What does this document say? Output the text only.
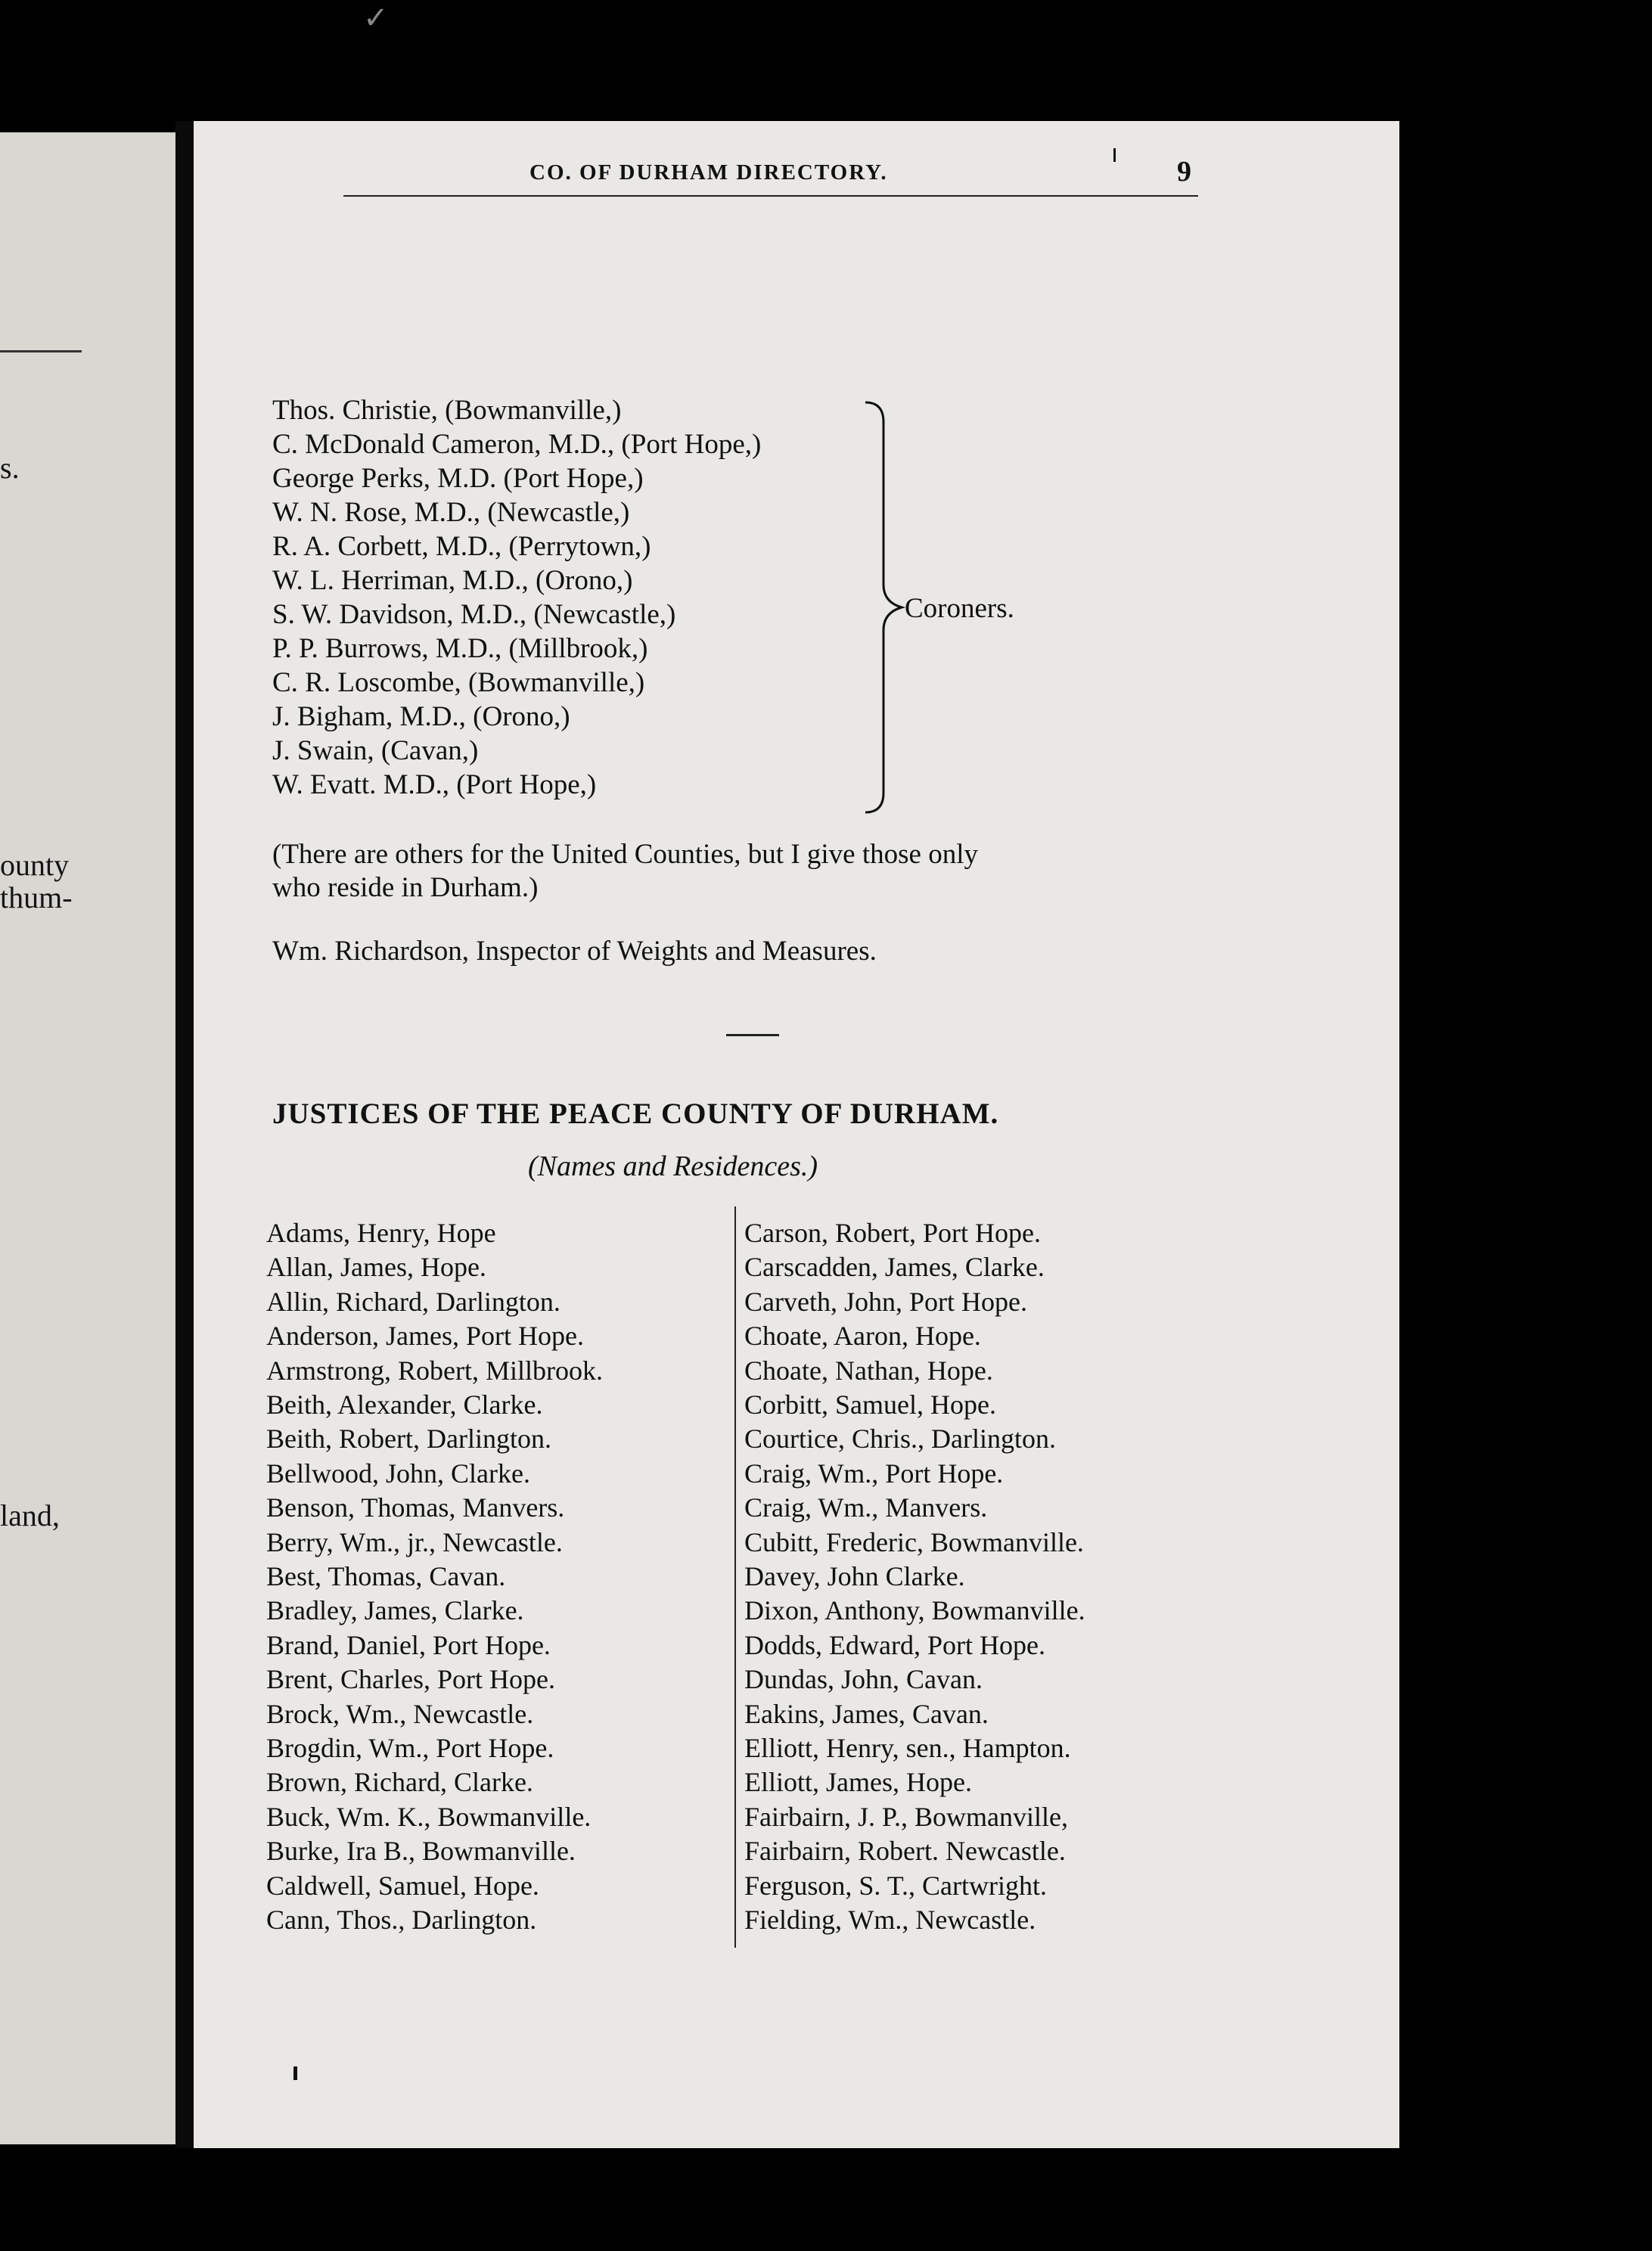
✓
s.
ounty
thum-
land,
CO. OF DURHAM DIRECTORY.	9
Thos. Christie, (Bowmanville,)
C. McDonald Cameron, M.D., (Port Hope,)
George Perks, M.D. (Port Hope,)
W. N. Rose, M.D., (Newcastle,)
R. A. Corbett, M.D., (Perrytown,)
W. L. Herriman, M.D., (Orono,)
S. W. Davidson, M.D., (Newcastle,)
P. P. Burrows, M.D., (Millbrook,)
C. R. Loscombe, (Bowmanville,)
J. Bigham, M.D., (Orono,)
J. Swain, (Cavan,)
W. Evatt. M.D., (Port Hope,)
Coroners.
(There are others for the United Counties, but I give those only
who reside in Durham.)
Wm. Richardson, Inspector of Weights and Measures.
JUSTICES OF THE PEACE COUNTY OF DURHAM.
(Names and Residences.)
Adams, Henry, Hope
Allan, James, Hope.
Allin, Richard, Darlington.
Anderson, James, Port Hope.
Armstrong, Robert, Millbrook.
Beith, Alexander, Clarke.
Beith, Robert, Darlington.
Bellwood, John, Clarke.
Benson, Thomas, Manvers.
Berry, Wm., jr., Newcastle.
Best, Thomas, Cavan.
Bradley, James, Clarke.
Brand, Daniel, Port Hope.
Brent, Charles, Port Hope.
Brock, Wm., Newcastle.
Brogdin, Wm., Port Hope.
Brown, Richard, Clarke.
Buck, Wm. K., Bowmanville.
Burke, Ira B., Bowmanville.
Caldwell, Samuel, Hope.
Cann, Thos., Darlington.
Carson, Robert, Port Hope.
Carscadden, James, Clarke.
Carveth, John, Port Hope.
Choate, Aaron, Hope.
Choate, Nathan, Hope.
Corbitt, Samuel, Hope.
Courtice, Chris., Darlington.
Craig, Wm., Port Hope.
Craig, Wm., Manvers.
Cubitt, Frederic, Bowmanville.
Davey, John Clarke.
Dixon, Anthony, Bowmanville.
Dodds, Edward, Port Hope.
Dundas, John, Cavan.
Eakins, James, Cavan.
Elliott, Henry, sen., Hampton.
Elliott, James, Hope.
Fairbairn, J. P., Bowmanville,
Fairbairn, Robert. Newcastle.
Ferguson, S. T., Cartwright.
Fielding, Wm., Newcastle.
